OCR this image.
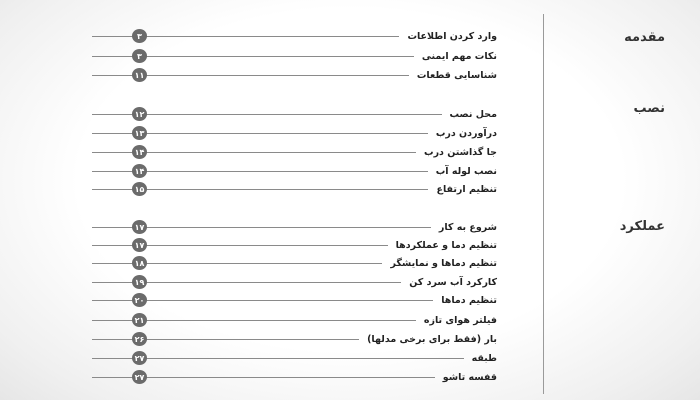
مقدمه
نصب
عملکرد
وارد کردن اطلاعات
۳
نکات مهم ایمنی
۳
شناسایی قطعات
۱۱
محل نصب
۱۲
درآوردن درب
۱۳
جا گذاشتن درب
۱۴
نصب لوله آب
۱۴
تنظیم ارتفاع
۱۵
شروع به کار
۱۷
تنظیم دما و عملکردها
۱۷
تنظیم دماها و نمایشگر
۱۸
کارکرد آب سرد کن
۱۹
تنظیم دماها
۲۰
فیلتر هوای تازه
۲۱
بار (فقط برای برخی مدلها)
۲۶
طبقه
۲۷
قفسه تاشو
۲۷
